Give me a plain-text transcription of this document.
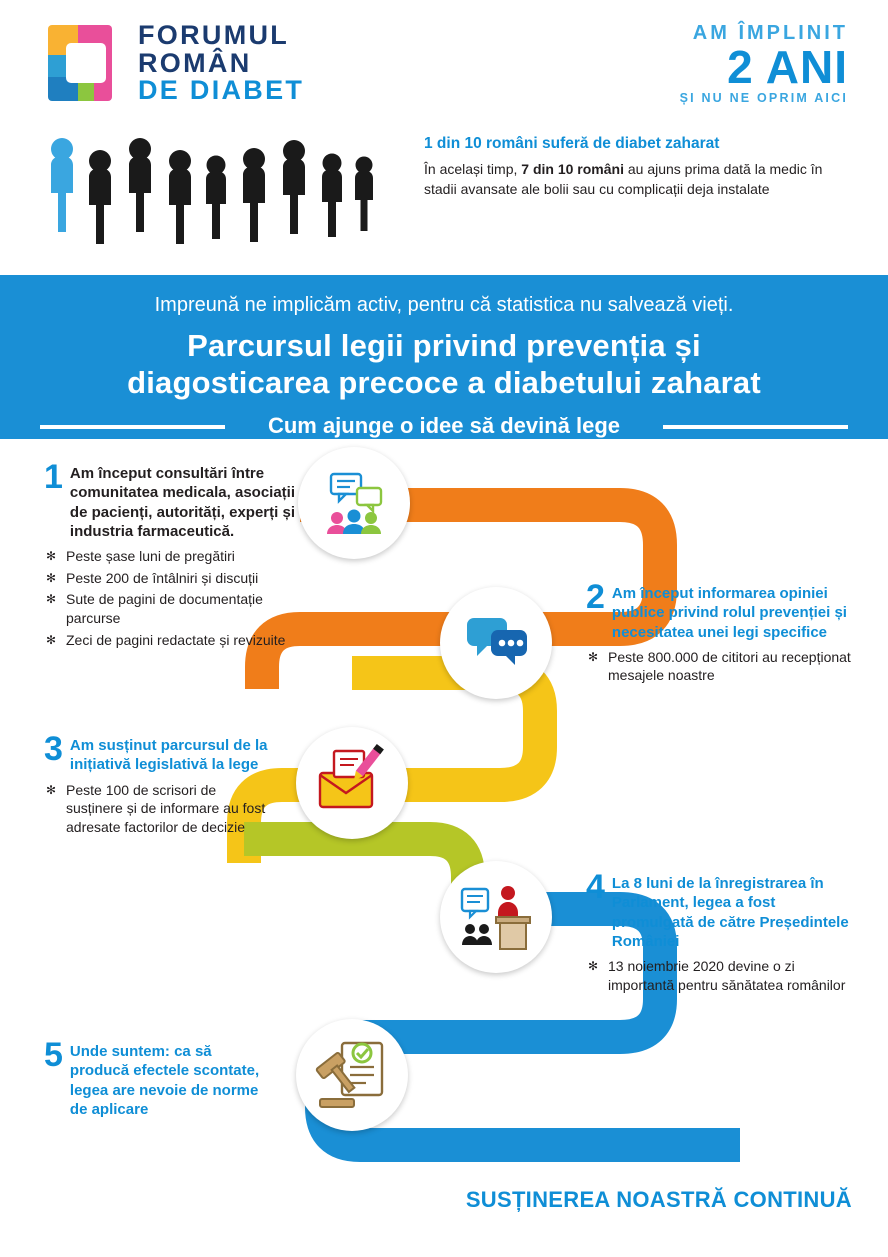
FORUMUL
ROMÂN
DE DIABET
AM ÎMPLINIT
2 ANI
ȘI NU NE OPRIM AICI
1 din 10 români suferă de diabet zaharat
În același timp, 7 din 10 români au ajuns prima dată la medic în stadii avansate ale bolii sau cu complicații deja instalate
Impreună ne implicăm activ, pentru că statistica nu salvează vieți.
Parcursul legii privind prevenția și
diagosticarea precoce a diabetului zaharat
Cum ajunge o idee să devină lege
1 Am început consultări între comunitatea medicala, asociații de pacienți, autorități, experți și industria farmaceutică.
✻ Peste șase luni de pregătiri
✻ Peste 200 de întâlniri și discuții
✻ Sute de pagini de documentație parcurse
✻ Zeci de pagini redactate și revizuite
2 Am început informarea opiniei publice privind rolul prevenției și necesitatea unei legi specifice
✻ Peste 800.000 de cititori au recepționat mesajele noastre
3 Am susținut parcursul de la inițiativă legislativă la lege
✻ Peste 100 de scrisori de susținere și de informare au fost adresate factorilor de decizie
4 La 8 luni de la înregistrarea în Parlament, legea a fost promulgată de către Președintele României
✻ 13 noiembrie 2020 devine o zi importantă pentru sănătatea românilor
5 Unde suntem: ca să producă efectele scontate, legea are nevoie de norme de aplicare
SUSȚINEREA NOASTRĂ CONTINUĂ
